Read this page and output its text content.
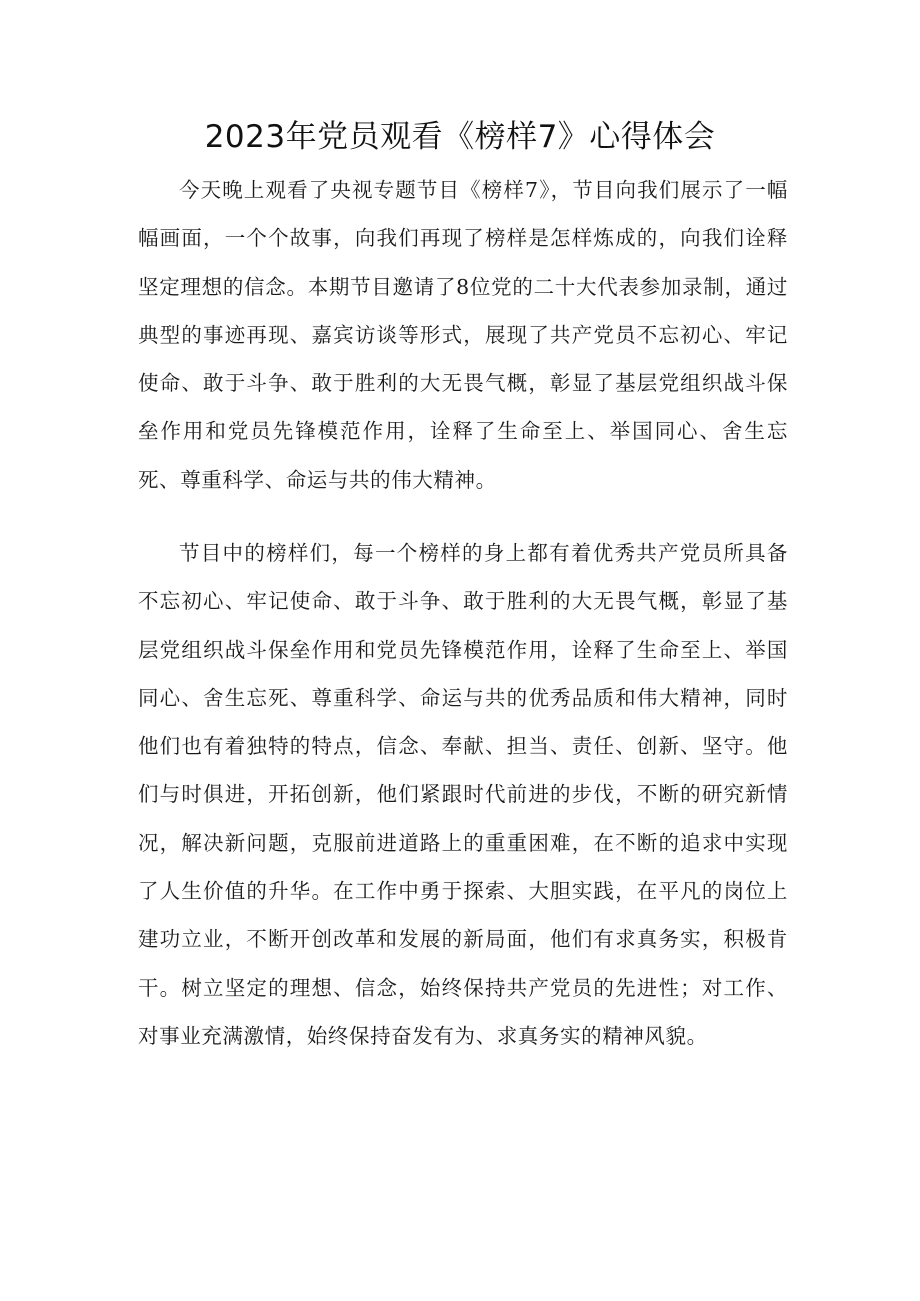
2023年党员观看《榜样7》心得体会

今天晚上观看了央视专题节目《榜样7》，节目向我们展示了一幅幅画面，一个个故事，向我们再现了榜样是怎样炼成的，向我们诠释坚定理想的信念。本期节目邀请了8位党的二十大代表参加录制，通过典型的事迹再现、嘉宾访谈等形式，展现了共产党员不忘初心、牢记使命、敢于斗争、敢于胜利的大无畏气概，彰显了基层党组织战斗保垒作用和党员先锋模范作用，诠释了生命至上、举国同心、舍生忘死、尊重科学、命运与共的伟大精神。

节目中的榜样们，每一个榜样的身上都有着优秀共产党员所具备不忘初心、牢记使命、敢于斗争、敢于胜利的大无畏气概，彰显了基层党组织战斗保垒作用和党员先锋模范作用，诠释了生命至上、举国同心、舍生忘死、尊重科学、命运与共的优秀品质和伟大精神，同时他们也有着独特的特点，信念、奉献、担当、责任、创新、坚守。他们与时俱进，开拓创新，他们紧跟时代前进的步伐，不断的研究新情况，解决新问题，克服前进道路上的重重困难，在不断的追求中实现了人生价值的升华。在工作中勇于探索、大胆实践，在平凡的岗位上建功立业，不断开创改革和发展的新局面，他们有求真务实，积极肯干。树立坚定的理想、信念，始终保持共产党员的先进性；对工作、对事业充满激情，始终保持奋发有为、求真务实的精神风貌。
